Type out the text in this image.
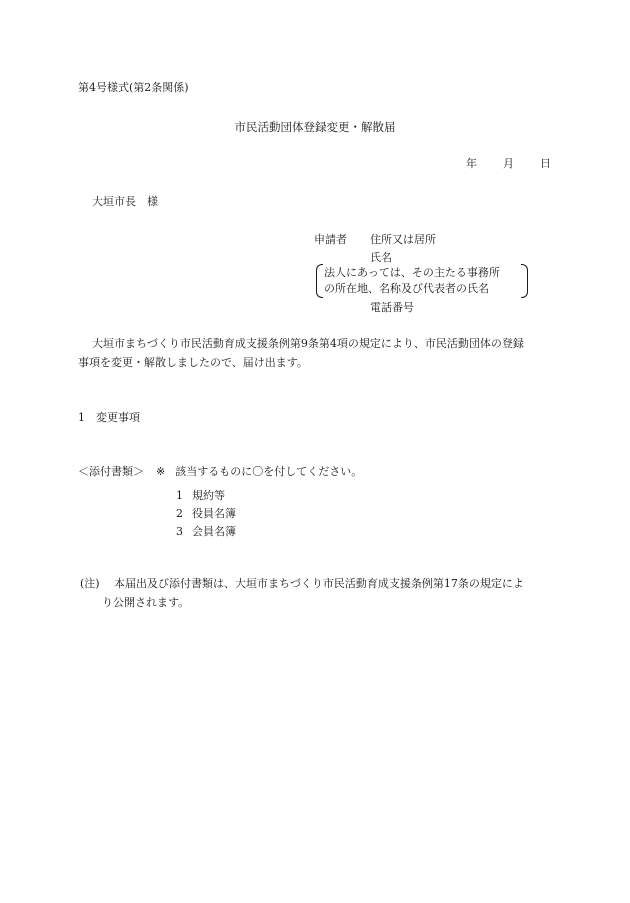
第4号様式(第2条関係)
市民活動団体登録変更・解散届
年 月 日
大垣市長　様
申請者 住所又は居所
氏名
法人にあっては、その主たる事務所
の所在地、名称及び代表者の氏名
電話番号
大垣市まちづくり市民活動育成支援条例第9条第4項の規定により、市民活動団体の登録
事項を変更・解散しましたので、届け出ます。
1 変更事項
＜添付書類＞ ※ 該当するものに〇を付してください。
1 規約等
2 役員名簿
3 会員名簿
(注) 本届出及び添付書類は、大垣市まちづくり市民活動育成支援条例第17条の規定によ
り公開されます。
